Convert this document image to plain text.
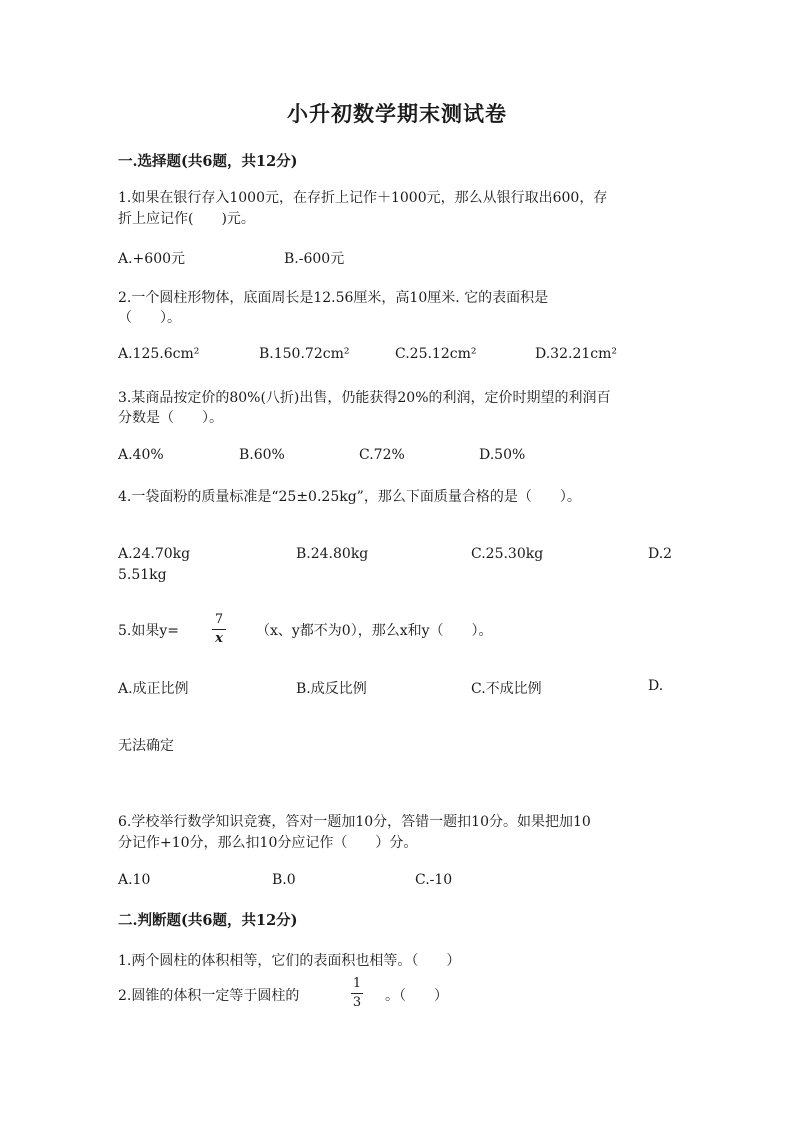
小升初数学期末测试卷
一.选择题(共6题，共12分)
1.如果在银行存入1000元，在存折上记作＋1000元，那么从银行取出600，存
折上应记作(　　)元。
A.+600元	B.-600元
2.一个圆柱形物体，底面周长是12.56厘米，高10厘米. 它的表面积是
（　　）。
A.125.6cm²	B.150.72cm²	C.25.12cm²	D.32.21cm²
3.某商品按定价的80%(八折)出售，仍能获得20%的利润，定价时期望的利润百
分数是（　　）。
A.40%	B.60%	C.72%	D.50%
4.一袋面粉的质量标准是“25±0.25kg”，那么下面质量合格的是（　　）。
A.24.70kg	B.24.80kg	C.25.30kg	D.2
5.51kg
5.如果y=	$\frac{7}{x} (x$、y都不为0），那么x和y（　　）。
A.成正比例	B.成反比例	C.不成比例	D.
无法确定
6.学校举行数学知识竞赛，答对一题加10分，答错一题扣10分。如果把加10
分记作+10分，那么扣10分应记作（　　）分。
A.10	B.0	C.-10
二.判断题(共6题，共12分)
1.两个圆柱的体积相等，它们的表面积也相等。（　　）
2.圆锥的体积一定等于圆柱的	$\frac{1}{3}$ 。（　　）
